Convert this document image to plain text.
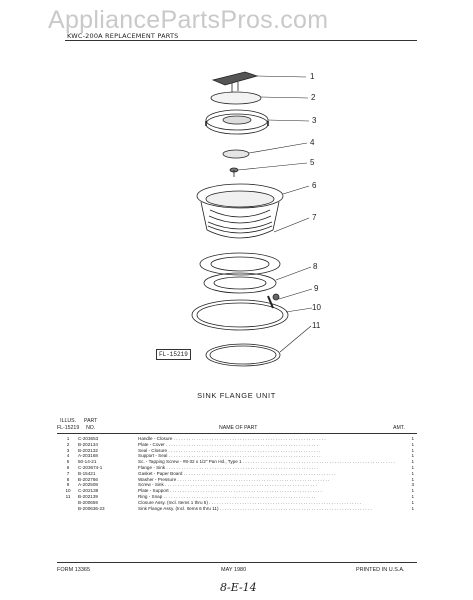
AppliancePartsPros.com
KWC-200A REPLACEMENT PARTS
1
2
3
4
5
6
7
8
9
10
11
FL-15219
SINK FLANGE UNIT
ILLUS.
FL-15219
PART
NO.	NAME OF PART	AMT.
1	C-203653	Handle - Closure . . . . . . . . . . . . . . . . . . . . . . . . . . . . . . . . . . . . . . . . . . . . . . . . . . . . . . . . . . . .	1
2	B-202134	Plate - Cover . . . . . . . . . . . . . . . . . . . . . . . . . . . . . . . . . . . . . . . . . . . . . . . . . . . . . . . . . . . .	1
3	B-202132	Seal - Closure . . . . . . . . . . . . . . . . . . . . . . . . . . . . . . . . . . . . . . . . . . . . . . . . . . . . . . . . . . . .	1
4	A-203168	Support - Seal . . . . . . . . . . . . . . . . . . . . . . . . . . . . . . . . . . . . . . . . . . . . . . . . . . . . . . . . . . . .	1
5	50-14-21	Sc. - Tapping Screw - #8-32 x 1/2" Pan Hd., Type 1 . . . . . . . . . . . . . . . . . . . . . . . . . . . . . . . . . . . . . . . . . . . . . . . . . . . . . . . . . . . .	1
6	C-203674-1	Flange - Sink . . . . . . . . . . . . . . . . . . . . . . . . . . . . . . . . . . . . . . . . . . . . . . . . . . . . . . . . . . . .	1
7	B-15421	Gasket - Paper Board . . . . . . . . . . . . . . . . . . . . . . . . . . . . . . . . . . . . . . . . . . . . . . . . . . . . . . . . . . . .	1
8	B-202766	Washer - Pressure . . . . . . . . . . . . . . . . . . . . . . . . . . . . . . . . . . . . . . . . . . . . . . . . . . . . . . . . . . . .	1
9	A-202508	Screw - Sink . . . . . . . . . . . . . . . . . . . . . . . . . . . . . . . . . . . . . . . . . . . . . . . . . . . . . . . . . . . .	3
10	C-202138	Plate - Support . . . . . . . . . . . . . . . . . . . . . . . . . . . . . . . . . . . . . . . . . . . . . . . . . . . . . . . . . . . .	1
11	B-202139	Ring - Snap . . . . . . . . . . . . . . . . . . . . . . . . . . . . . . . . . . . . . . . . . . . . . . . . . . . . . . . . . . . .	1
B-200659	Closure Assy. (Incl. Items 1 thru 5) . . . . . . . . . . . . . . . . . . . . . . . . . . . . . . . . . . . . . . . . . . . . . . . . . . . . . . . . . . . .	1
B-200636-23	Sink Flange Assy. (Incl. Items 6 thru 11) . . . . . . . . . . . . . . . . . . . . . . . . . . . . . . . . . . . . . . . . . . . . . . . . . . . . . . . . . . . .	1
FORM 13365	MAY 1980	PRINTED IN U.S.A.
8-E-14
